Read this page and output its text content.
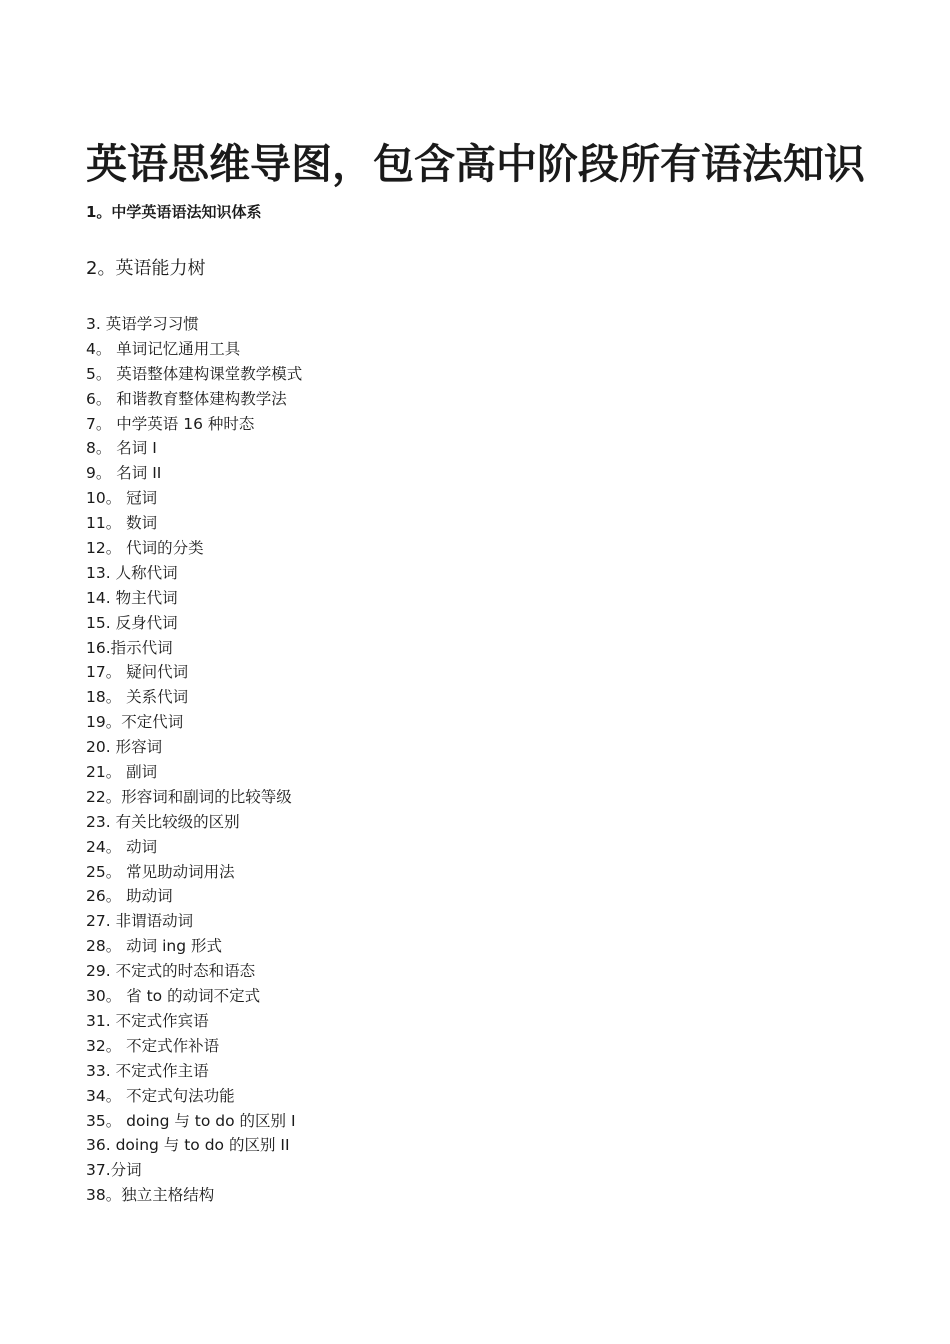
英语思维导图，包含高中阶段所有语法知识
1。中学英语语法知识体系
2。英语能力树
3. 英语学习习惯
4。 单词记忆通用工具
5。 英语整体建构课堂教学模式
6。 和谐教育整体建构教学法
7。 中学英语 16 种时态
8。 名词 I
9。 名词 II
10。 冠词
11。 数词
12。 代词的分类
13. 人称代词
14. 物主代词
15. 反身代词
16.指示代词
17。 疑问代词
18。 关系代词
19。不定代词
20. 形容词
21。 副词
22。形容词和副词的比较等级
23. 有关比较级的区别
24。 动词
25。 常见助动词用法
26。 助动词
27. 非谓语动词
28。 动词 ing 形式
29. 不定式的时态和语态
30。 省 to 的动词不定式
31. 不定式作宾语
32。 不定式作补语
33. 不定式作主语
34。 不定式句法功能
35。 doing 与 to do 的区别 I
36. doing 与 to do 的区别 II
37.分词
38。独立主格结构
